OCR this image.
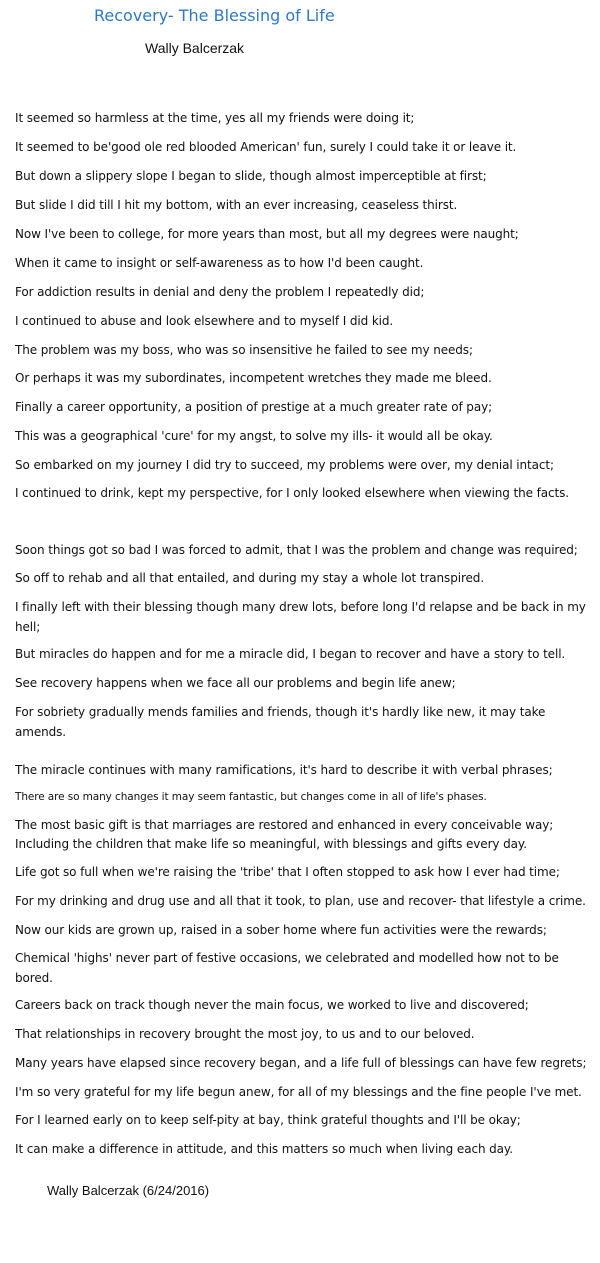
Recovery- The Blessing of Life
Wally Balcerzak
It seemed so harmless at the time, yes all my friends were doing it;
It seemed to be'good ole red blooded American' fun, surely I could take it or leave it.
But down a slippery slope I began to slide, though almost imperceptible at first;
But slide I did till I hit my bottom, with an ever increasing, ceaseless thirst.
Now I've been to college, for more years than most, but all my degrees were naught;
When it came to insight or self-awareness as to how I'd been caught.
For addiction results in denial and deny the problem I repeatedly did;
I continued to abuse and look elsewhere and to myself I did kid.
The problem was my boss, who was so insensitive he failed to see my needs;
Or perhaps it was my subordinates, incompetent wretches they made me bleed.
Finally a career opportunity, a position of prestige at a much greater rate of pay;
This was a geographical 'cure' for my angst, to solve my ills- it would all be okay.
So embarked on my journey I did try to succeed, my problems were over, my denial intact;
I continued to drink, kept my perspective, for I only looked elsewhere when viewing the facts.
Soon things got so bad I was forced to admit, that I was the problem and change was required;
So off to rehab and all that entailed, and during my stay a whole lot transpired.
I finally left with their blessing though many drew lots, before long I'd relapse and be back in my hell;
But miracles do happen and for me a miracle did, I began to recover and have a story to tell.
See recovery happens when we face all our problems and begin life anew;
For sobriety gradually mends families and friends, though it's hardly like new, it may take amends.
The miracle continues with many ramifications, it's hard to describe it with verbal phrases;
There are so many changes it may seem fantastic, but changes come in all of life's phases.
The most basic gift is that marriages are restored and enhanced in every conceivable way;
Including the children that make life so meaningful, with blessings and gifts every day.
Life got so full when we're raising the 'tribe' that I often stopped to ask how I ever had time;
For my drinking and drug use and all that it took, to plan, use and recover- that lifestyle a crime.
Now our kids are grown up, raised in a sober home where fun activities were the rewards;
Chemical 'highs' never part of festive occasions, we celebrated and modelled how not to be bored.
Careers back on track though never the main focus, we worked to live and discovered;
That relationships in recovery brought the most joy, to us and to our beloved.
Many years have elapsed since recovery began, and a life full of blessings can have few regrets;
I'm so very grateful for my life begun anew, for all of my blessings and the fine people I've met.
For I learned early on to keep self-pity at bay, think grateful thoughts and I'll be okay;
It can make a difference in attitude, and this matters so much when living each day.
Wally Balcerzak (6/24/2016)
